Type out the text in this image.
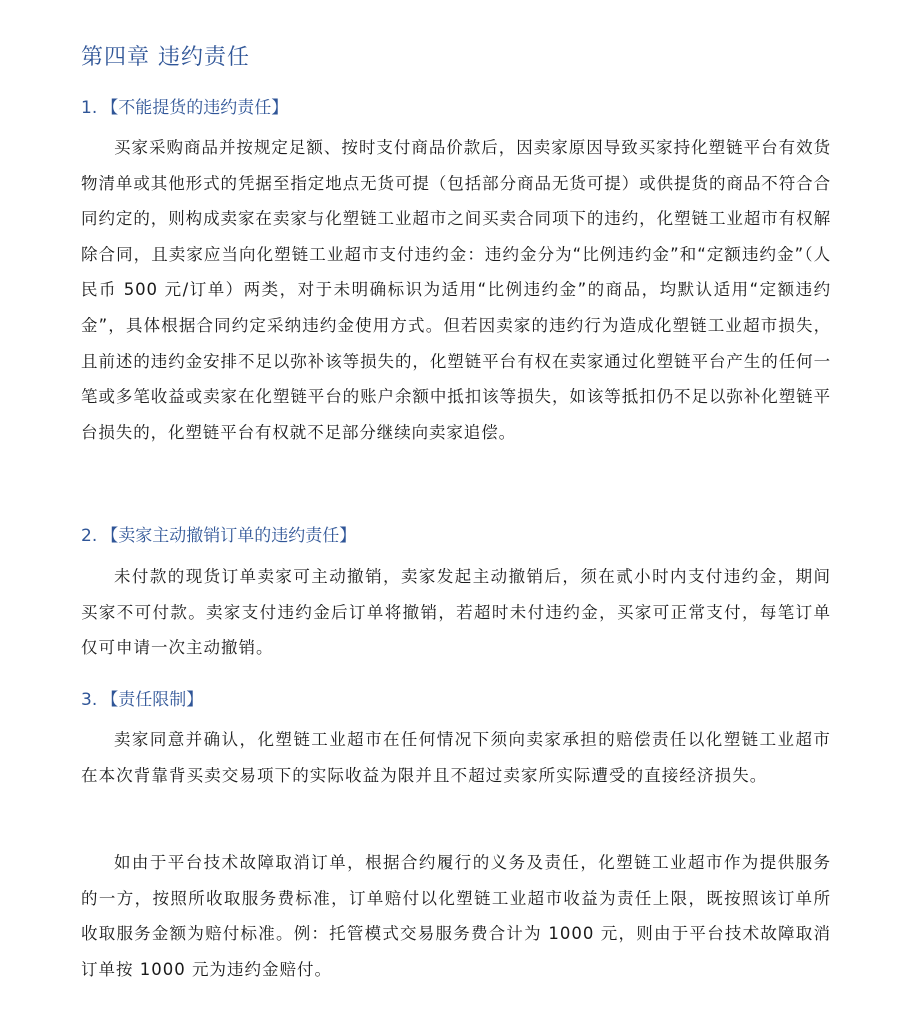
第四章 违约责任
1. 【不能提货的违约责任】

买家采购商品并按规定足额、按时支付商品价款后，因卖家原因导致买家持化塑链平台有效货物清单或其他形式的凭据至指定地点无货可提（包括部分商品无货可提）或供提货的商品不符合合同约定的，则构成卖家在卖家与化塑链工业超市之间买卖合同项下的违约，化塑链工业超市有权解除合同，且卖家应当向化塑链工业超市支付违约金：违约金分为“比例违约金”和“定额违约金”（人民币 500 元/订单）两类，对于未明确标识为适用“比例违约金”的商品，均默认适用“定额违约金”，具体根据合同约定采纳违约金使用方式。但若因卖家的违约行为造成化塑链工业超市损失，且前述的违约金安排不足以弥补该等损失的，化塑链平台有权在卖家通过化塑链平台产生的任何一笔或多笔收益或卖家在化塑链平台的账户余额中抵扣该等损失，如该等抵扣仍不足以弥补化塑链平台损失的，化塑链平台有权就不足部分继续向卖家追偿。

2. 【卖家主动撤销订单的违约责任】

未付款的现货订单卖家可主动撤销，卖家发起主动撤销后，须在贰小时内支付违约金，期间买家不可付款。卖家支付违约金后订单将撤销，若超时未付违约金，买家可正常支付，每笔订单仅可申请一次主动撤销。

3. 【责任限制】

卖家同意并确认，化塑链工业超市在任何情况下须向卖家承担的赔偿责任以化塑链工业超市在本次背靠背买卖交易项下的实际收益为限并且不超过卖家所实际遭受的直接经济损失。

如由于平台技术故障取消订单，根据合约履行的义务及责任，化塑链工业超市作为提供服务的一方，按照所收取服务费标准，订单赔付以化塑链工业超市收益为责任上限，既按照该订单所收取服务金额为赔付标准。例：托管模式交易服务费合计为 1000 元，则由于平台技术故障取消订单按 1000 元为违约金赔付。
